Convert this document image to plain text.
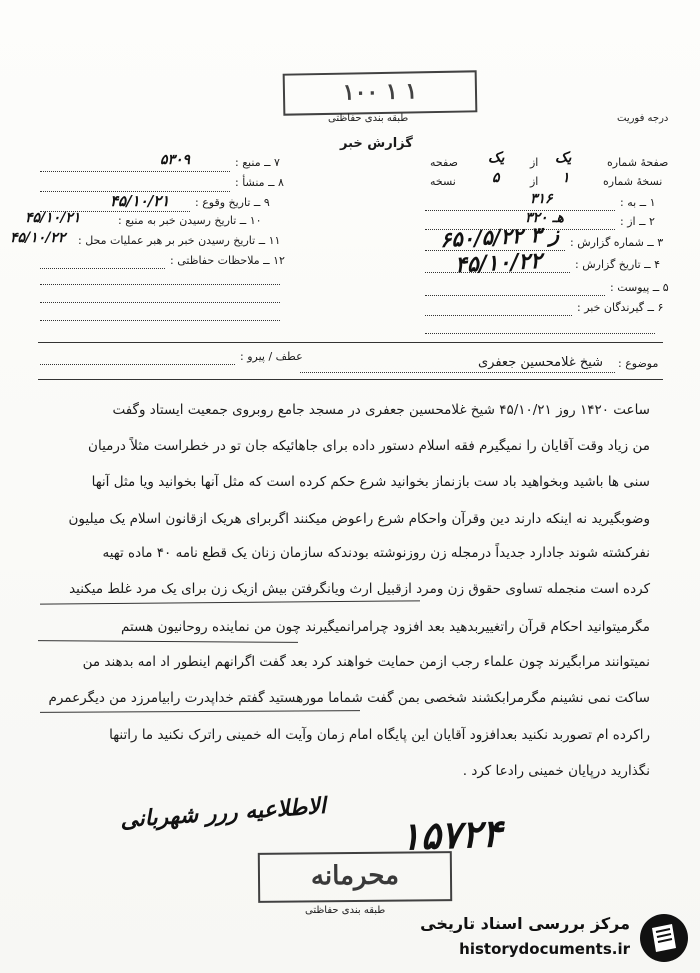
۱۰۰ ۱ ۱
طبقه بندی حفاظتی	درجه فوریت
گزارش خبر
۷ ــ منبع :
۵۳۰۹
۸ ــ منشأ :
۹ ــ تاریخ وقوع :
۴۵/۱۰/۲۱
۱۰ ــ تاریخ رسیدن خبر به منبع :
۴۵/۱۰/۲۱
۱۱ ــ تاریخ رسیدن خبر بر هبر عملیات محل :
۴۵/۱۰/۲۲
۱۲ ــ ملاحظات حفاظتی :
صفحهٔ شماره
یک
از
یک
صفحه
نسخهٔ شماره
۱
از
۵
نسخه
۱ ــ به :
۳۱۶
۲ ــ از :
۳۲۰ هـ
۳ ــ شماره گزارش :
۶۵۰/۵/۲۲ ۳ ز
۴ ــ تاریخ گزارش :
۴۵/۱۰/۲۲
۵ ــ پیوست :
۶ ــ گیرندگان خبر :
عطف / پیرو :
موضوع :
شیخ غلامحسین جعفری
ساعت ۱۴۲۰ روز ۴۵/۱۰/۲۱ شیخ غلامحسین جعفری در مسجد جامع روبروی جمعیت ایستاد وگفت
من زیاد وقت آقایان را نمیگیرم فقه اسلام دستور داده برای جاهائیکه جان تو در خطراست مثلاً درمیان
سنی ها باشید وبخواهید باد ست بازنماز بخوانید شرع حکم کرده است که مثل آنها بخوانید ویا مثل آنها
وضوبگیرید نه اینکه دارند دین وقرآن واحکام شرع راعوض میکنند اگربرای هریک ازقانون اسلام یک میلیون
نفرکشته شوند جادارد جدیداً درمجله زن روزنوشته بودندکه سازمان زنان یک قطع نامه ۴۰ ماده تهیه
کرده است منجمله تساوی حقوق زن ومرد ازقبیل ارث ویانگرفتن بیش ازیک زن برای یک مرد غلط میکنید
مگرمیتوانید احکام قرآن راتغییربدهید بعد افزود چرامرانمیگیرند چون من نماینده روحانیون هستم
نمیتوانند مرابگیرند چون علماء رجب ازمن حمایت خواهند کرد بعد گفت اگرانهم اینطور اد امه بدهند من
ساکت نمی نشینم مگرمرابکشند شخصی بمن گفت شماما مورهستید گفتم خداپدرت رابیامرزد من دیگرعمرم
راکرده ام تصوربد نکنید بعدافزود آقایان این پایگاه امام زمان وآیت اله خمینی راترک نکنید ما راتنها
نگذارید درپایان خمینی رادعا کرد .
الاطلاعیه ررر شهربانی ۱۵۷۲۴
محرمانه
طبقه بندی حفاظتی
مرکز بررسی اسناد تاریخی
historydocuments.ir
